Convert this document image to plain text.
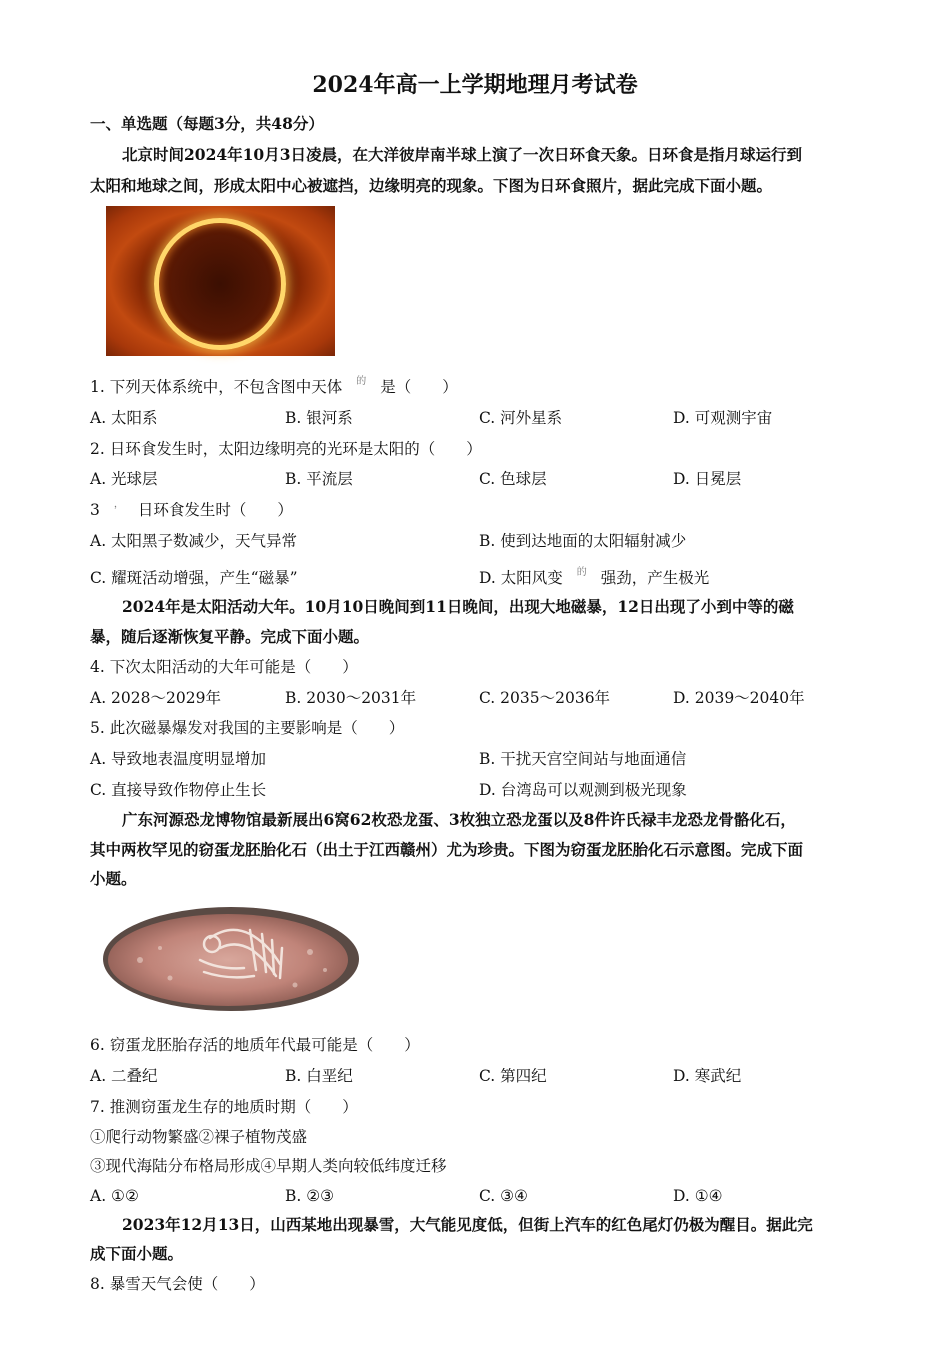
2024年高一上学期地理月考试卷
一、单选题（每题3分，共48分）
北京时间2024年10月3日凌晨，在大洋彼岸南半球上演了一次日环食天象。日环食是指月球运行到
太阳和地球之间，形成太阳中心被遮挡，边缘明亮的现象。下图为日环食照片，据此完成下面小题。
1. 下列天体系统中，不包含图中天体 $^的$ 是（　　）
A. 太阳系	B. 银河系	C. 河外星系	D. 可观测宇宙
2. 日环食发生时，太阳边缘明亮的光环是太阳的（　　）
A. 光球层	B. 平流层	C. 色球层	D. 日冕层
3 ， 日环食发生时（　　）
A. 太阳黑子数减少，天气异常	B. 使到达地面的太阳辐射减少
C. 耀斑活动增强，产生“磁暴”	D. 太阳风变 $^的$ 强劲，产生极光
2024年是太阳活动大年。10月10日晚间到11日晚间，出现大地磁暴，12日出现了小到中等的磁
暴，随后逐渐恢复平静。完成下面小题。
4. 下次太阳活动的大年可能是（　　）
A. 2028～2029年	B. 2030～2031年	C. 2035～2036年	D. 2039～2040年
5. 此次磁暴爆发对我国的主要影响是（　　）
A. 导致地表温度明显增加	B. 干扰天宫空间站与地面通信
C. 直接导致作物停止生长	D. 台湾岛可以观测到极光现象
广东河源恐龙博物馆最新展出6窝62枚恐龙蛋、3枚独立恐龙蛋以及8件许氏禄丰龙恐龙骨骼化石，
其中两枚罕见的窃蛋龙胚胎化石（出土于江西赣州）尤为珍贵。下图为窃蛋龙胚胎化石示意图。完成下面
小题。
6. 窃蛋龙胚胎存活的地质年代最可能是（　　）
A. 二叠纪	B. 白垩纪	C. 第四纪	D. 寒武纪
7. 推测窃蛋龙生存的地质时期（　　）
①爬行动物繁盛②裸子植物茂盛
③现代海陆分布格局形成④早期人类向较低纬度迁移
A. ①②	B. ②③	C. ③④	D. ①④
2023年12月13日，山西某地出现暴雪，大气能见度低，但街上汽车的红色尾灯仍极为醒目。据此完
成下面小题。
8. 暴雪天气会使（　　）
